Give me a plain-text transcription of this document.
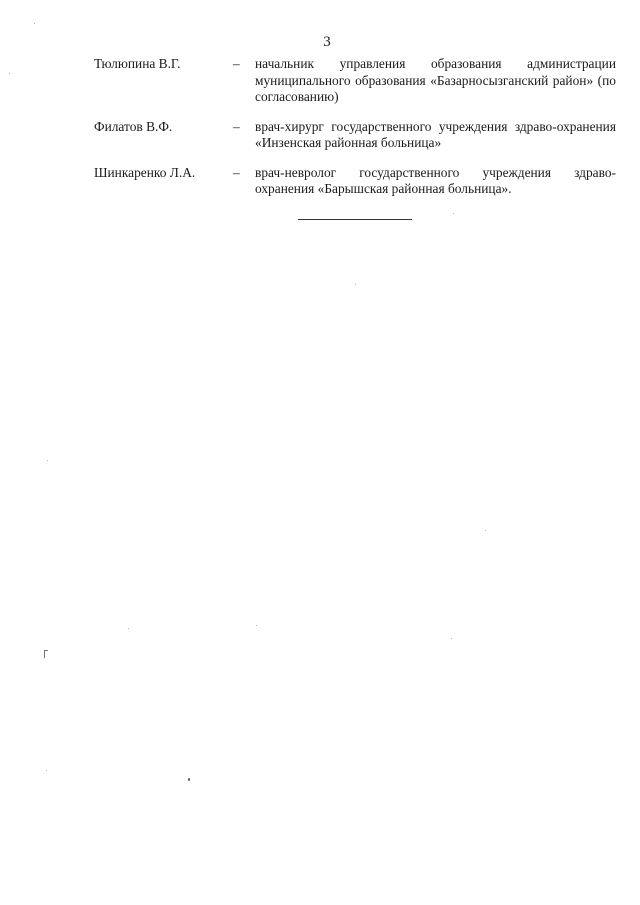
3
Тюлюпина В.Г.	–	начальник управления образования администрации муниципального образования «Базарносызганский район» (по согласованию)
Филатов В.Ф.	–	врач-хирург государственного учреждения здраво-охранения «Инзенская районная больница»
Шинкаренко Л.А.	–	врач-невролог государственного учреждения здраво-охранения «Барышская районная больница».
